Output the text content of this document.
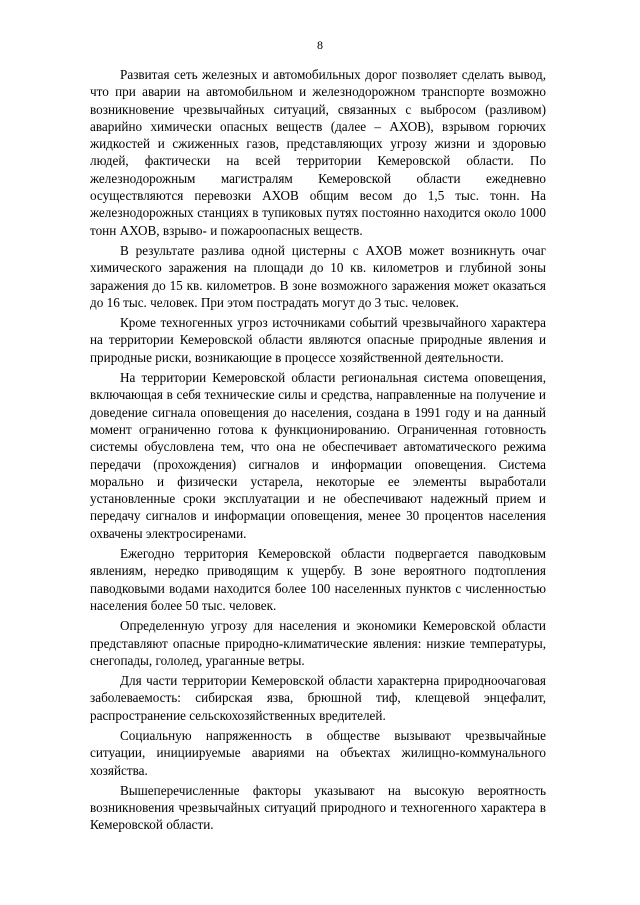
8

Развитая сеть железных и автомобильных дорог позволяет сделать вывод, что при аварии на автомобильном и железнодорожном транспорте возможно возникновение чрезвычайных ситуаций, связанных с выбросом (разливом) аварийно химически опасных веществ (далее – АХОВ), взрывом горючих жидкостей и сжиженных газов, представляющих угрозу жизни и здоровью людей, фактически на всей территории Кемеровской области. По железнодорожным магистралям Кемеровской области ежедневно осуществляются перевозки АХОВ общим весом до 1,5 тыс. тонн. На железнодорожных станциях в тупиковых путях постоянно находится около 1000 тонн АХОВ, взрыво- и пожароопасных веществ.

В результате разлива одной цистерны с АХОВ может возникнуть очаг химического заражения на площади до 10 кв. километров и глубиной зоны заражения до 15 кв. километров. В зоне возможного заражения может оказаться до 16 тыс. человек. При этом пострадать могут до 3 тыс. человек.

Кроме техногенных угроз источниками событий чрезвычайного характера на территории Кемеровской области являются опасные природные явления и природные риски, возникающие в процессе хозяйственной деятельности.

На территории Кемеровской области региональная система оповещения, включающая в себя технические силы и средства, направленные на получение и доведение сигнала оповещения до населения, создана в 1991 году и на данный момент ограниченно готова к функционированию. Ограниченная готовность системы обусловлена тем, что она не обеспечивает автоматического режима передачи (прохождения) сигналов и информации оповещения. Система морально и физически устарела, некоторые ее элементы выработали установленные сроки эксплуатации и не обеспечивают надежный прием и передачу сигналов и информации оповещения, менее 30 процентов населения охвачены электросиренами.

Ежегодно территория Кемеровской области подвергается паводковым явлениям, нередко приводящим к ущербу. В зоне вероятного подтопления паводковыми водами находится более 100 населенных пунктов с численностью населения более 50 тыс. человек.

Определенную угрозу для населения и экономики Кемеровской области представляют опасные природно-климатические явления: низкие температуры, снегопады, гололед, ураганные ветры.

Для части территории Кемеровской области характерна природноочаговая заболеваемость: сибирская язва, брюшной тиф, клещевой энцефалит, распространение сельскохозяйственных вредителей.

Социальную напряженность в обществе вызывают чрезвычайные ситуации, инициируемые авариями на объектах жилищно-коммунального хозяйства.

Вышеперечисленные факторы указывают на высокую вероятность возникновения чрезвычайных ситуаций природного и техногенного характера в Кемеровской области.
